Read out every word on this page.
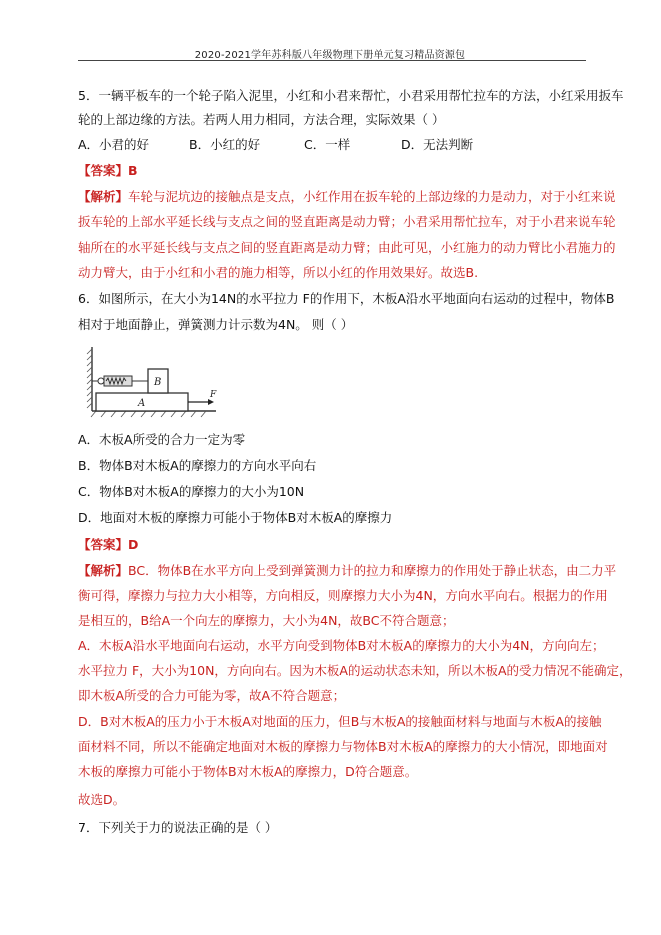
2020-2021学年苏科版八年级物理下册单元复习精品资源包
5．一辆平板车的一个轮子陷入泥里，小红和小君来帮忙，小君采用帮忙拉车的方法，小红采用扳车
轮的上部边缘的方法。若两人用力相同，方法合理，实际效果（ ）
A．小君的好	B．小红的好	C．一样	D．无法判断
【答案】B
【解析】车轮与泥坑边的接触点是支点，小红作用在扳车轮的上部边缘的力是动力，对于小红来说
扳车轮的上部水平延长线与支点之间的竖直距离是动力臂；小君采用帮忙拉车，对于小君来说车轮
轴所在的水平延长线与支点之间的竖直距离是动力臂；由此可见，小红施力的动力臂比小君施力的
动力臂大，由于小红和小君的施力相等，所以小红的作用效果好。故选B.
6．如图所示，在大小为14N的水平拉力 F的作用下，木板A沿水平地面向右运动的过程中，物体B
相对于地面静止，弹簧测力计示数为4N。 则（ ）
A
B
F
A．木板A所受的合力一定为零
B．物体B对木板A的摩擦力的方向水平向右
C．物体B对木板A的摩擦力的大小为10N
D．地面对木板的摩擦力可能小于物体B对木板A的摩擦力
【答案】D
【解析】BC．物体B在水平方向上受到弹簧测力计的拉力和摩擦力的作用处于静止状态，由二力平
衡可得，摩擦力与拉力大小相等，方向相反，则摩擦力大小为4N，方向水平向右。根据力的作用
是相互的，B给A一个向左的摩擦力，大小为4N，故BC不符合题意；
A．木板A沿水平地面向右运动，水平方向受到物体B对木板A的摩擦力的大小为4N，方向向左；
水平拉力 F，大小为10N，方向向右。因为木板A的运动状态未知，所以木板A的受力情况不能确定，
即木板A所受的合力可能为零，故A不符合题意；
D．B对木板A的压力小于木板A对地面的压力，但B与木板A的接触面材料与地面与木板A的接触
面材料不同，所以不能确定地面对木板的摩擦力与物体B对木板A的摩擦力的大小情况，即地面对
木板的摩擦力可能小于物体B对木板A的摩擦力，D符合题意。
故选D。
7．下列关于力的说法正确的是（ ）
